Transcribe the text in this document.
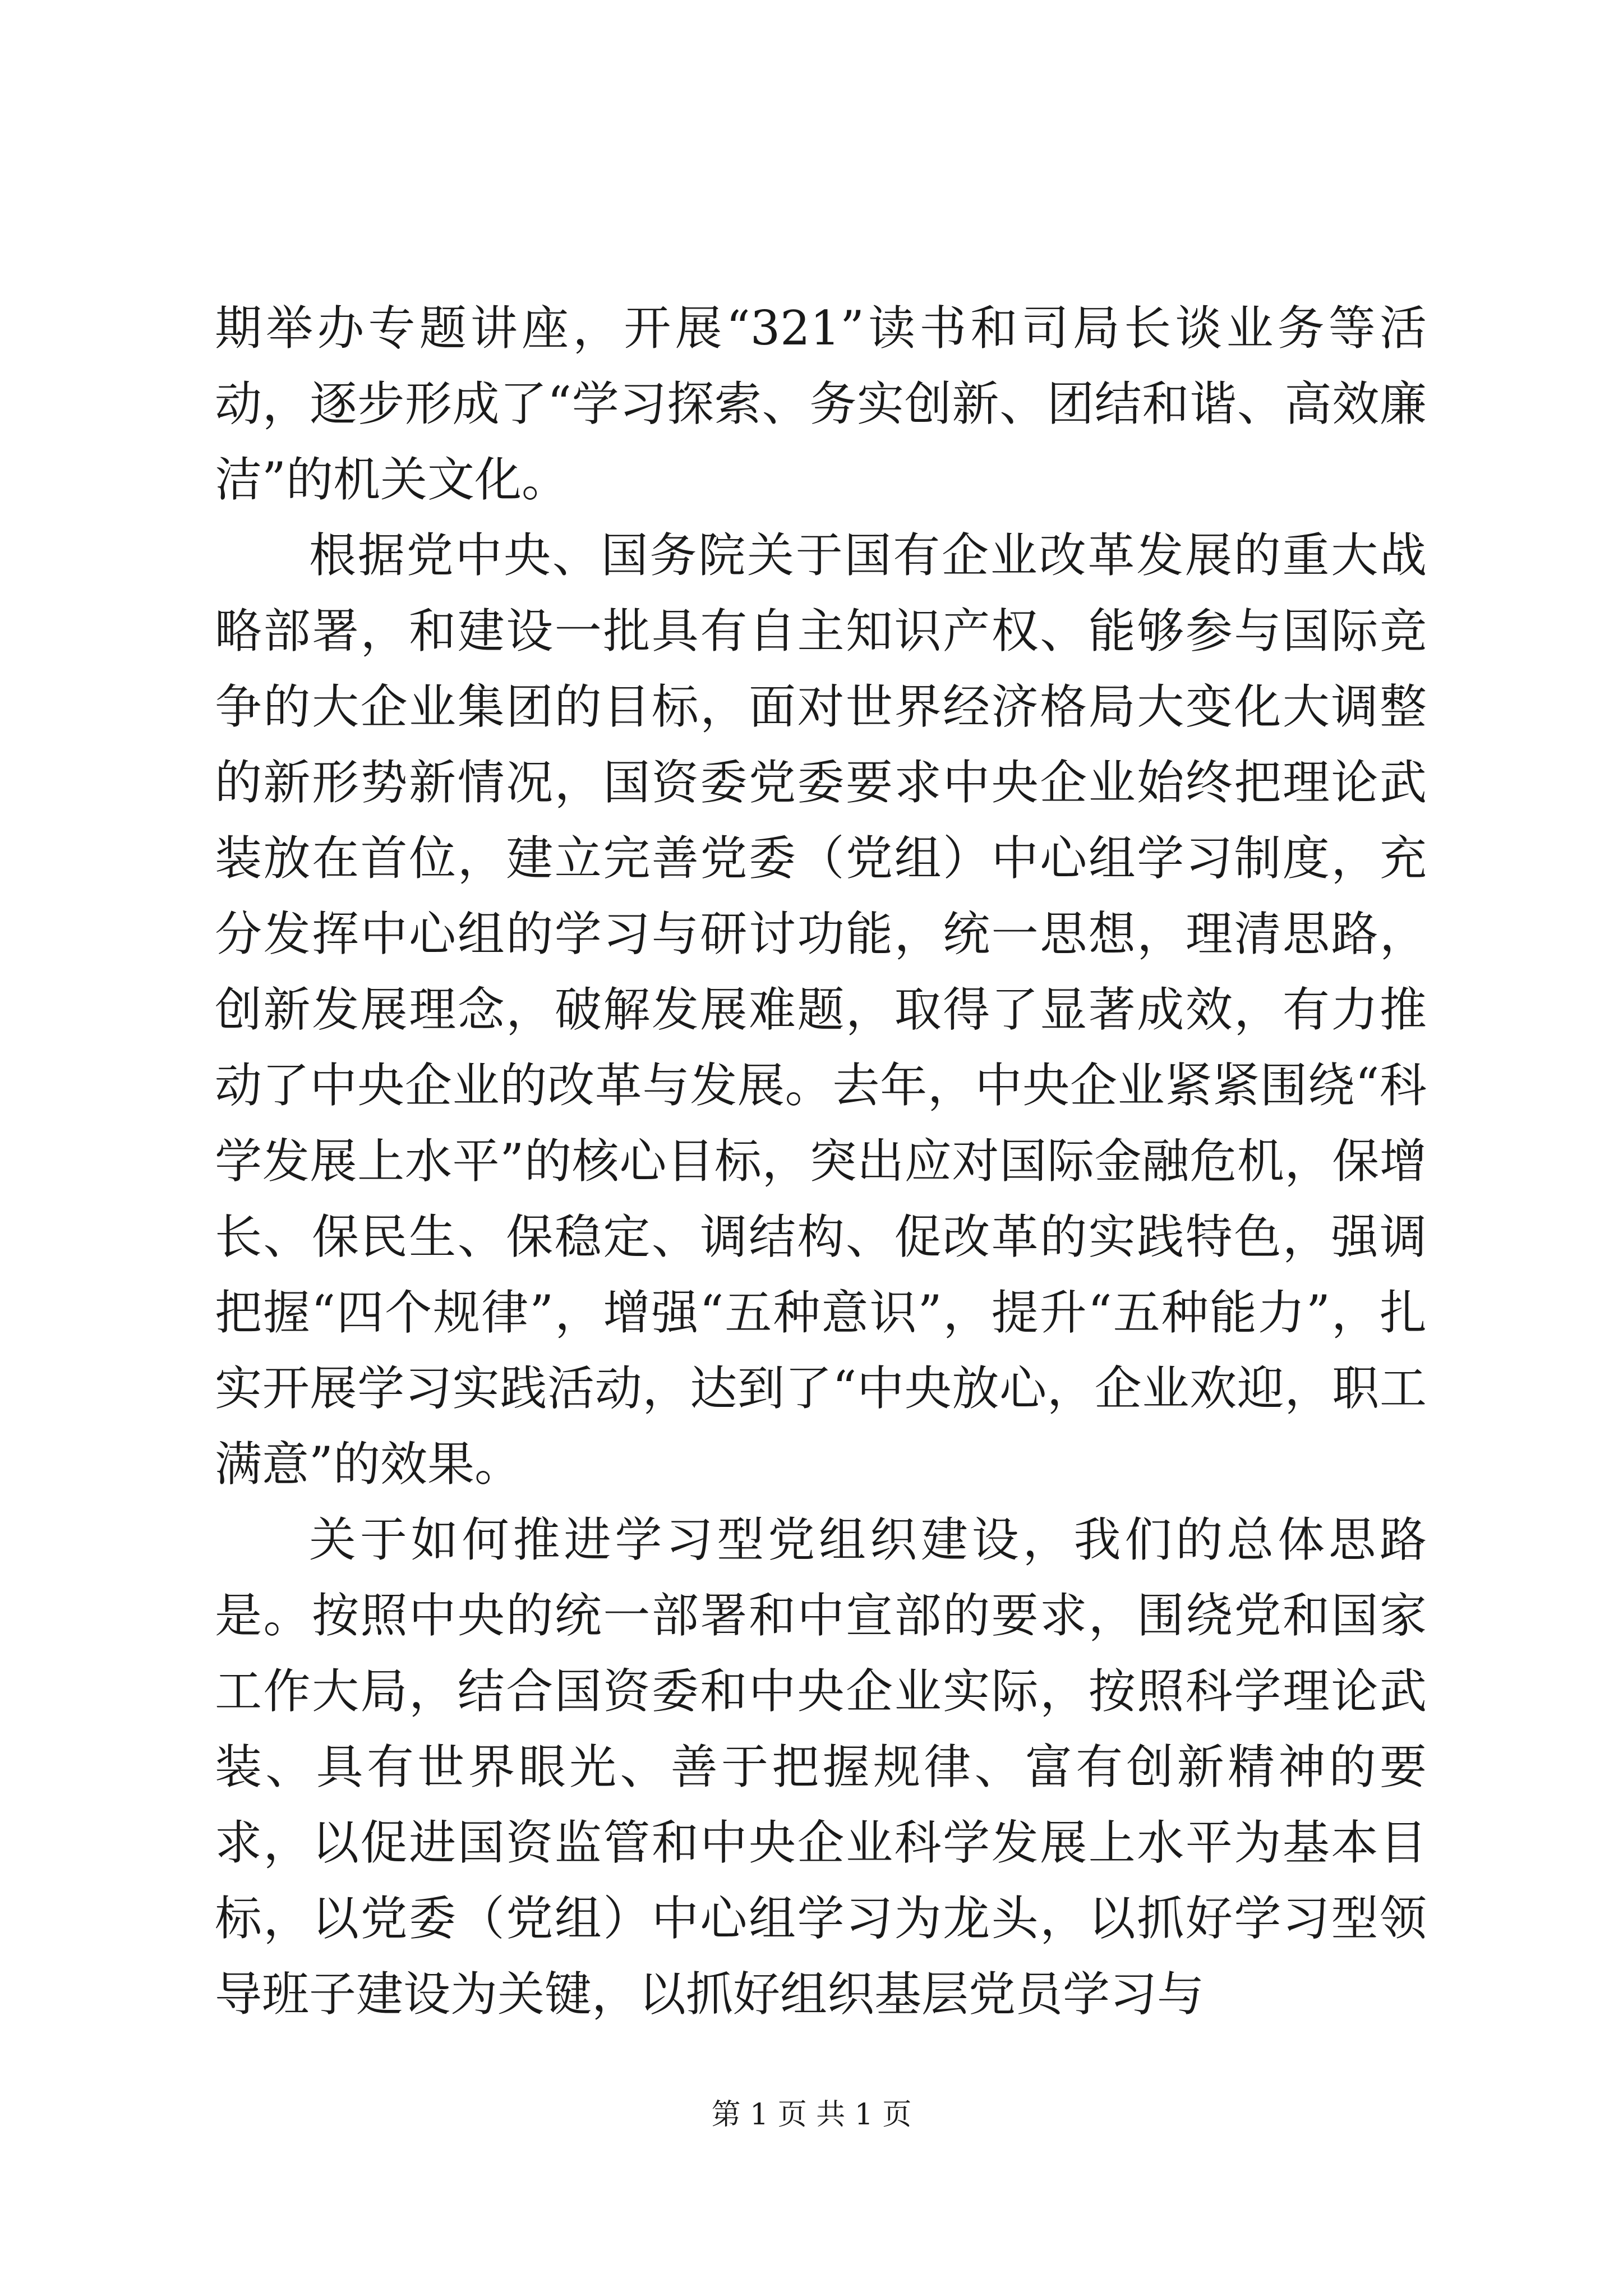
期举办专题讲座，开展“321”读书和司局长谈业务等活动，逐步形成了“学习探索、务实创新、团结和谐、高效廉洁”的机关文化。

根据党中央、国务院关于国有企业改革发展的重大战略部署，和建设一批具有自主知识产权、能够参与国际竞争的大企业集团的目标，面对世界经济格局大变化大调整的新形势新情况，国资委党委要求中央企业始终把理论武装放在首位，建立完善党委（党组）中心组学习制度，充分发挥中心组的学习与研讨功能，统一思想，理清思路，创新发展理念，破解发展难题，取得了显著成效，有力推动了中央企业的改革与发展。去年，中央企业紧紧围绕“科学发展上水平”的核心目标，突出应对国际金融危机，保增长、保民生、保稳定、调结构、促改革的实践特色，强调把握“四个规律”，增强“五种意识”，提升“五种能力”，扎实开展学习实践活动，达到了“中央放心，企业欢迎，职工满意”的效果。

关于如何推进学习型党组织建设，我们的总体思路是。按照中央的统一部署和中宣部的要求，围绕党和国家工作大局，结合国资委和中央企业实际，按照科学理论武装、具有世界眼光、善于把握规律、富有创新精神的要求，以促进国资监管和中央企业科学发展上水平为基本目标，以党委（党组）中心组学习为龙头，以抓好学习型领导班子建设为关键，以抓好组织基层党员学习与

第 1 页 共 1 页
